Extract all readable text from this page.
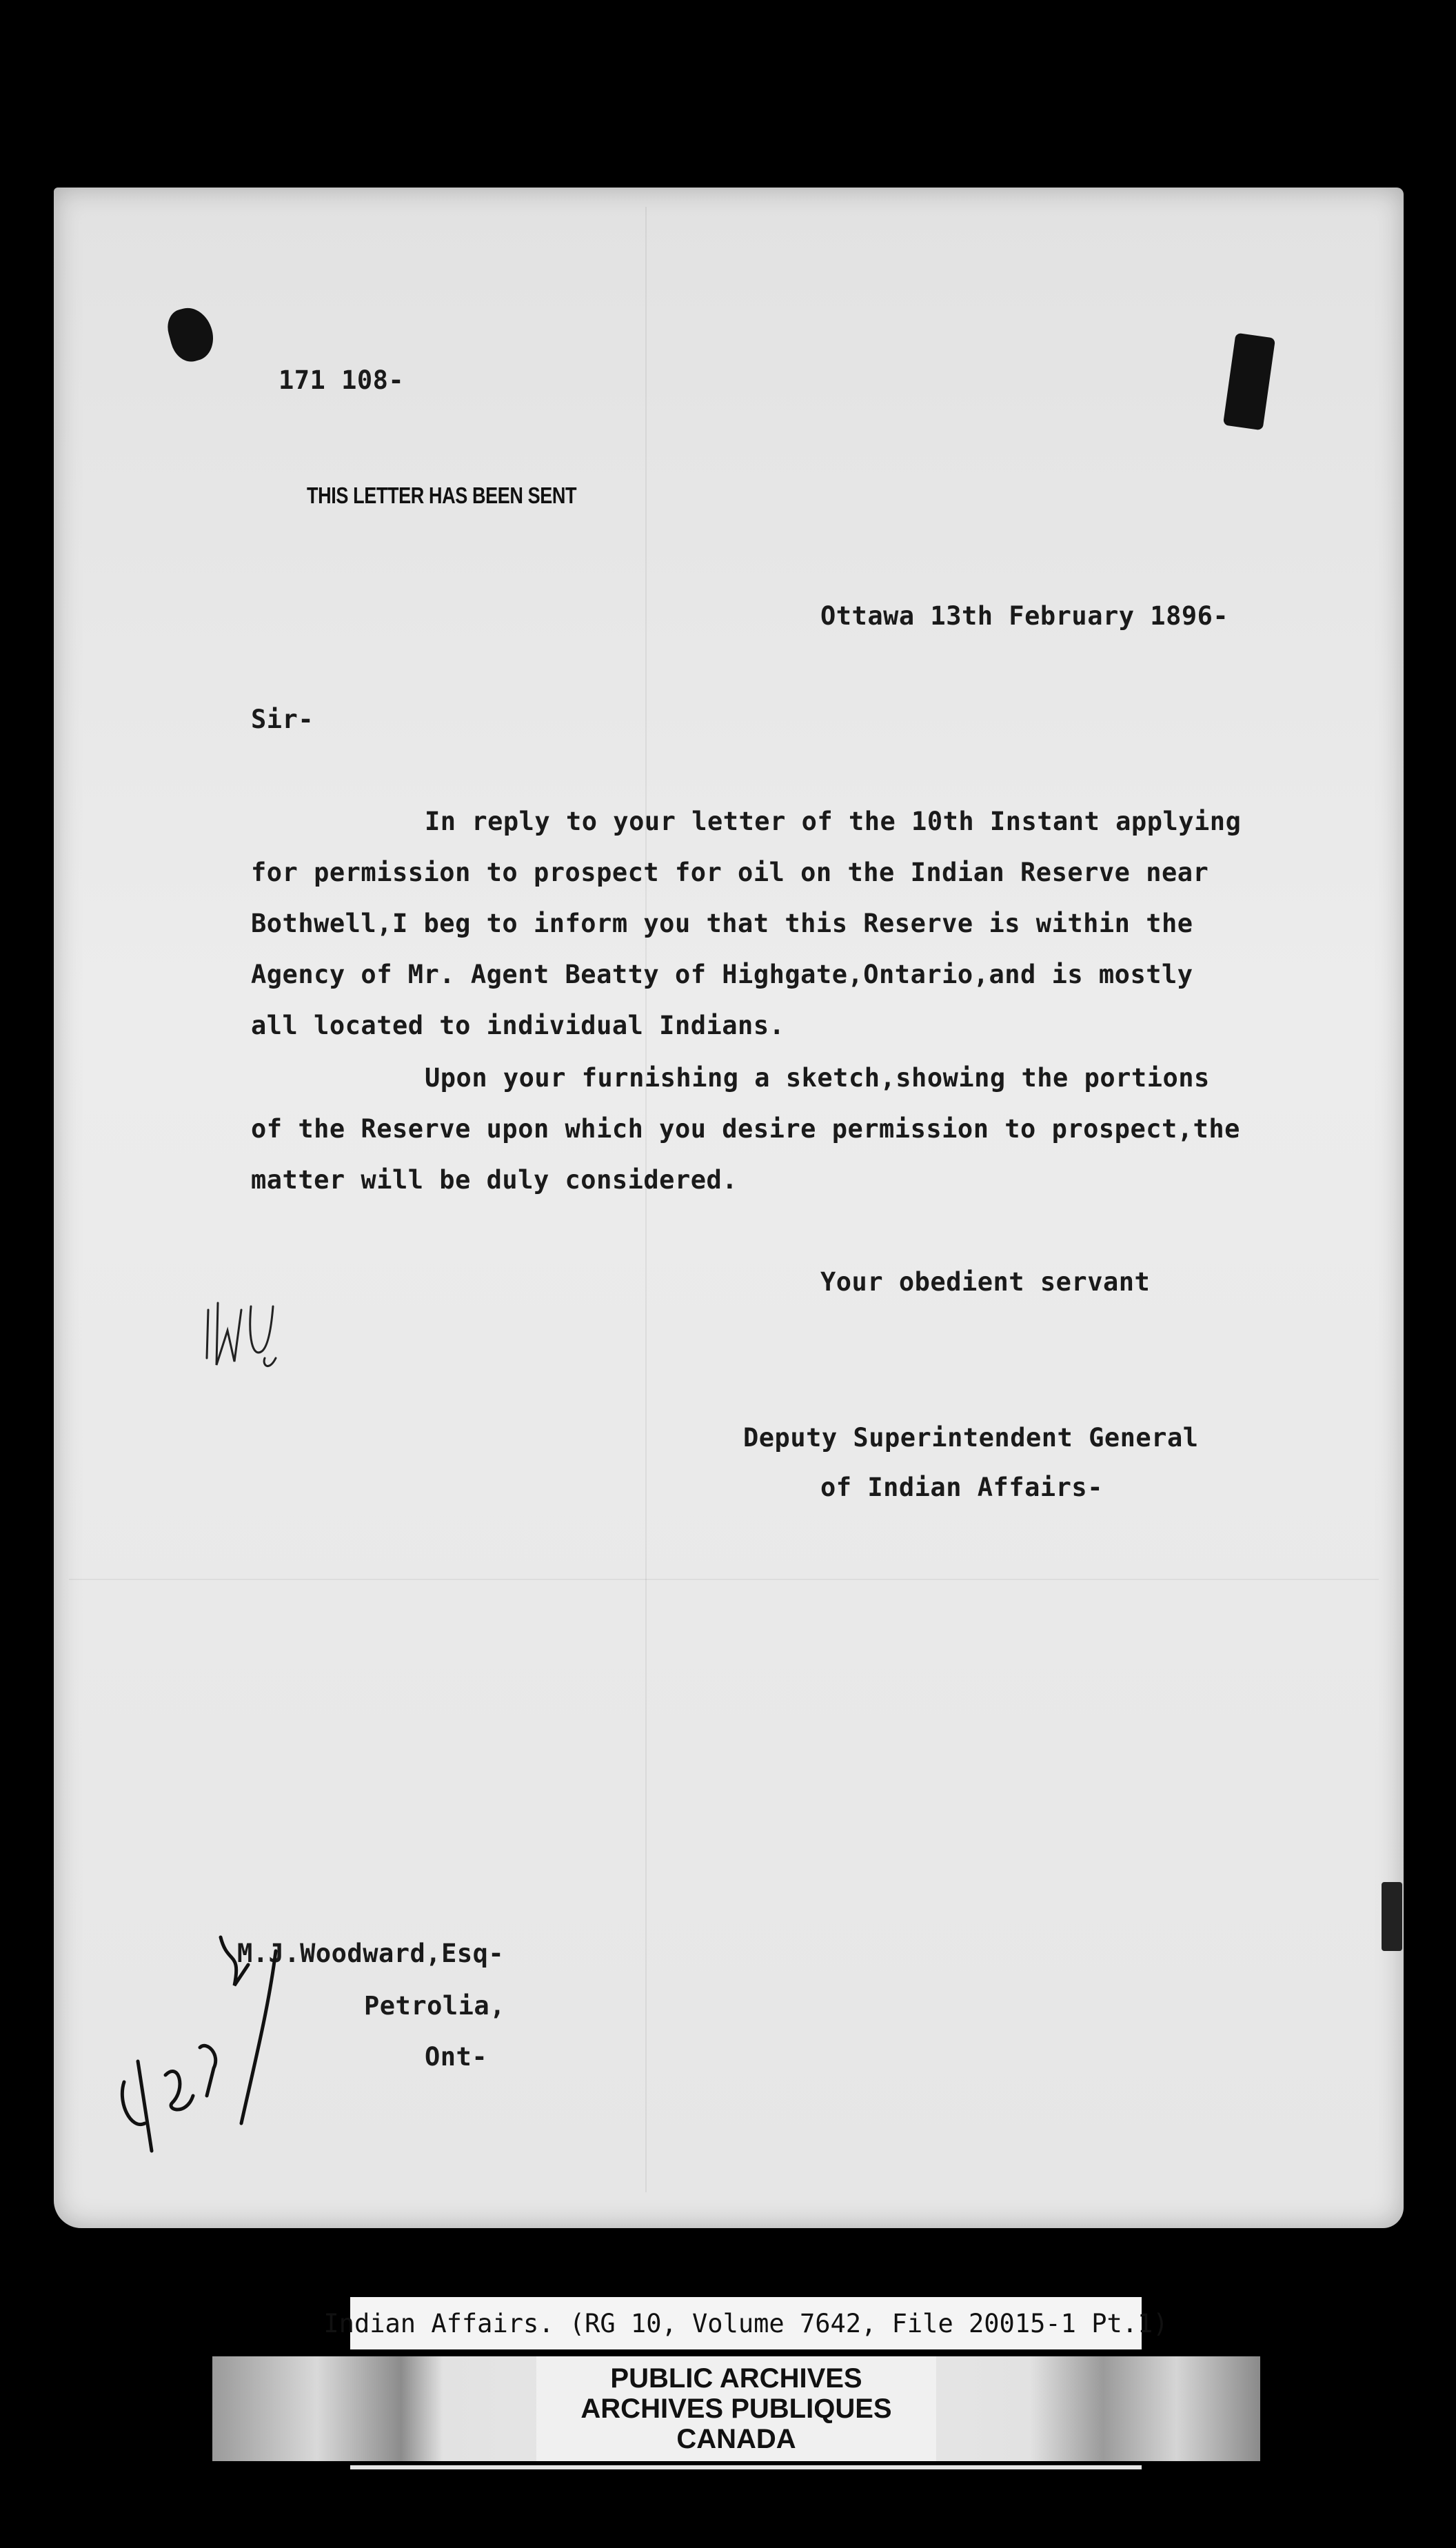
171 108-
THIS LETTER HAS BEEN SENT
Ottawa 13th February 1896-
Sir-
In reply to your letter of the 10th Instant applying
for permission to prospect for oil on the Indian Reserve near
Bothwell,I beg to inform you that this Reserve is within the
Agency of Mr. Agent Beatty of Highgate,Ontario,and is mostly
all located to individual Indians.
Upon your furnishing a sketch,showing the portions
of the Reserve upon which you desire permission to prospect,the
matter will be duly considered.
Your obedient servant
Deputy Superintendent General
of Indian Affairs-
M.J.Woodward,Esq-
Petrolia,
Ont-
Indian Affairs. (RG 10, Volume 7642, File 20015-1 Pt.1)
PUBLIC ARCHIVES
ARCHIVES PUBLIQUES
CANADA
